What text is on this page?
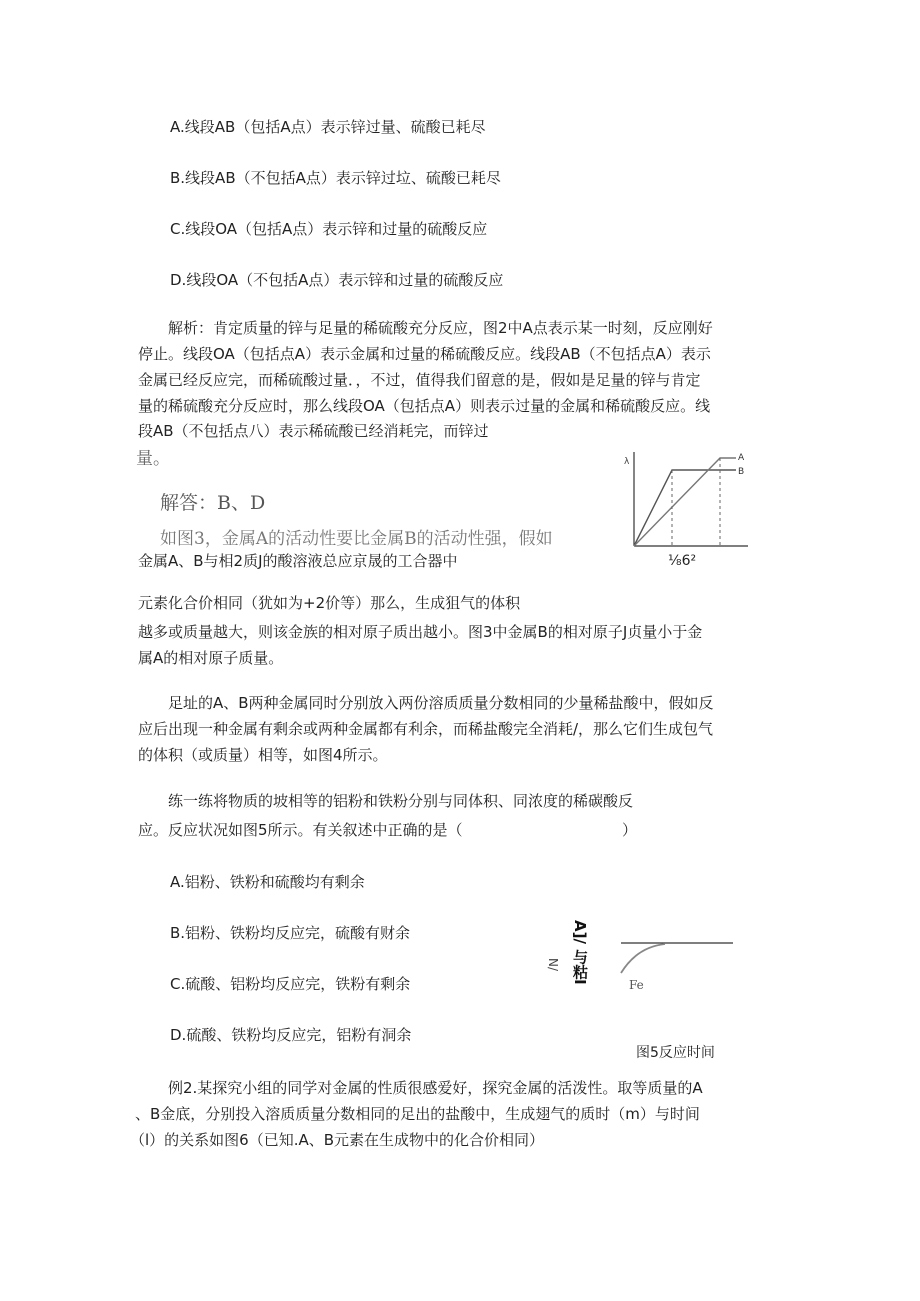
A.线段AB（包括A点）表示锌过量、硫酸已耗尽
B.线段AB（不包括A点）表示锌过垃、硫酸已耗尽
C.线段OA（包括A点）表示锌和过量的硫酸反应
D.线段OA（不包括A点）表示锌和过量的硫酸反应
解析：肯定质量的锌与足量的稀硫酸充分反应，图2中A点表示某一时刻，反应刚好
停止。线段OA（包括点A）表示金属和过量的稀硫酸反应。线段AB（不包括点A）表示
金属已经反应完，而稀硫酸过量．，不过，值得我们留意的是，假如是足量的锌与肯定
量的稀硫酸充分反应时，那么线段OA（包括点A）则表示过量的金属和稀硫酸反应。线
段AB（不包括点八）表示稀硫酸已经消耗完，而锌过
量。
解答：B、D
如图3，金属A的活动性要比金属B的活动性强，假如
λ	A
B
⅛6²
金属A、B与相2质J的酸溶液总应京晟的工合器中
元素化合价相同（犹如为+2价等）那么，生成狙气的体积
越多或质量越大，则该金族的相对原子质出越小。图3中金属B的相对原子J贞量小于金
属A的相对原子质量。
足址的A、B两种金属同时分别放入两份溶质质量分数相同的少量稀盐酸中，假如反
应后出现一种金属有剩余或两种金属都有利余，而稀盐酸完全消耗/，那么它们生成包气
的体积（或质量）相等，如图4所示。
练一练将物质的坡相等的铝粉和铁粉分别与同体积、同浓度的稀碳酸反
应。反应状况如图5所示。有关叙述中正确的是（	）
A.铝粉、铁粉和硫酸均有剩余
B.铝粉、铁粉均反应完，硫酸有财余
C.硫酸、铝粉均反应完，铁粉有剩余
D.硫酸、铁粉均反应完，铝粉有洞余
A]/ 与䊀I
N/
Fe
图5反应时间
例2.某探究小组的同学对金属的性质很感爱好，探究金属的活泼性。取等质量的A
、B金底，分别投入溶质质量分数相同的足出的盐酸中，生成翅气的质时（m）与时间
（l）的关系如图6（已知.A、B元素在生成物中的化合价相同）
